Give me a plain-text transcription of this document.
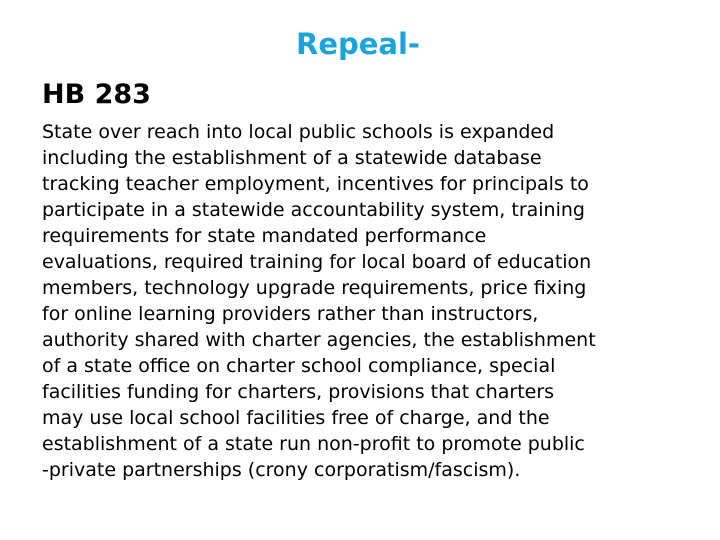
Repeal-
HB 283

State over reach into local public schools is expanded
including the establishment of a statewide database
tracking teacher employment, incentives for principals to
participate in a statewide accountability system, training
requirements for state mandated performance
evaluations, required training for local board of education
members, technology upgrade requirements, price fixing
for online learning providers rather than instructors,
authority shared with charter agencies, the establishment
of a state office on charter school compliance, special
facilities funding for charters, provisions that charters
may use local school facilities free of charge, and the
establishment of a state run non-profit to promote public
-private partnerships (crony corporatism/fascism).
